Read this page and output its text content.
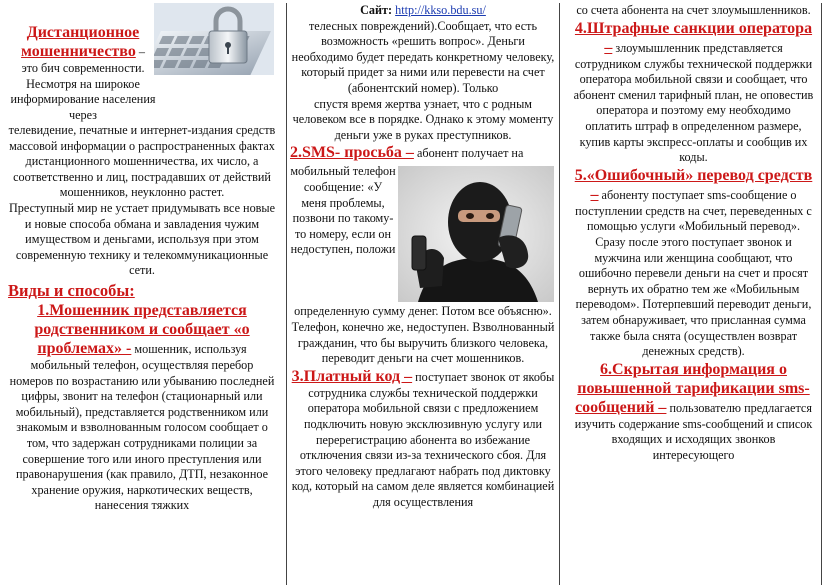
Дистанционное мошенничество –

это бич современности. Несмотря на широкое информирование населения через

телевидение, печатные и интернет-издания средств массовой информации о распространенных фактах дистанционного мошенничества, их число, а соответственно и лиц, пострадавших от действий мошенников, неуклонно растет.

Преступный мир не устает придумывать все новые и новые способа обмана и завладения чужим имуществом и деньгами, используя при этом современную технику и телекоммуникационные сети.

Виды и способы:

1.Мошенник представляется родственником и сообщает «о проблемах» - мошенник, используя мобильный телефон, осуществляя перебор номеров по возрастанию или убыванию последней цифры, звонит на телефон (стационарный или мобильный), представляется родственником или знакомым и взволнованным голосом сообщает о том, что задержан сотрудниками полиции за совершение того или иного преступления или правонарушения (как правило, ДТП, незаконное хранение оружия, наркотических веществ, нанесения тяжких

Сайт: http://kkso.bdu.su/

телесных повреждений).Сообщает, что есть возможность «решить вопрос». Деньги необходимо будет передать конкретному человеку, который придет за ними или перевести на счет (абонентский номер). Только

спустя время жертва узнает, что с родным человеком все в порядке. Однако к этому моменту деньги уже в руках преступников.

2.SMS- просьба – абонент получает на

мобильный телефон сообщение: «У меня проблемы, позвони по такому-то номеру, если он недоступен, положи

определенную сумму денег. Потом все объясню». Телефон, конечно же, недоступен. Взволнованный гражданин, что бы выручить близкого человека, переводит деньги на счет мошенников.

3.Платный код – поступает звонок от якобы сотрудника службы технической поддержки оператора мобильной связи с предложением подключить новую эксклюзивную услугу или перерегистрацию абонента во избежание отключения связи из-за технического сбоя. Для этого человеку предлагают набрать под диктовку код, который на самом деле является комбинацией для осуществления

со счета абонента на счет злоумышленников.

4.Штрафные санкции оператора – злоумышленник представляется сотрудником службы технической поддержки оператора мобильной связи и сообщает, что абонент сменил тарифный план, не оповестив оператора и поэтому ему необходимо оплатить штраф в определенном размере, купив карты экспресс-оплаты и сообщив их коды.

5.«Ошибочный» перевод средств – абоненту поступает sms-сообщение о поступлении средств на счет, переведенных с помощью услуги «Мобильный перевод». Сразу после этого поступает звонок и мужчина или женщина сообщают, что ошибочно перевели деньги на счет и просят вернуть их обратно тем же «Мобильным переводом». Потерпевший переводит деньги, затем обнаруживает, что присланная сумма также была снята (осуществлен возврат денежных средств).

6.Скрытая информация о повышенной тарификации sms-сообщений – пользователю предлагается изучить содержание sms-сообщений и список входящих и исходящих звонков интересующего
